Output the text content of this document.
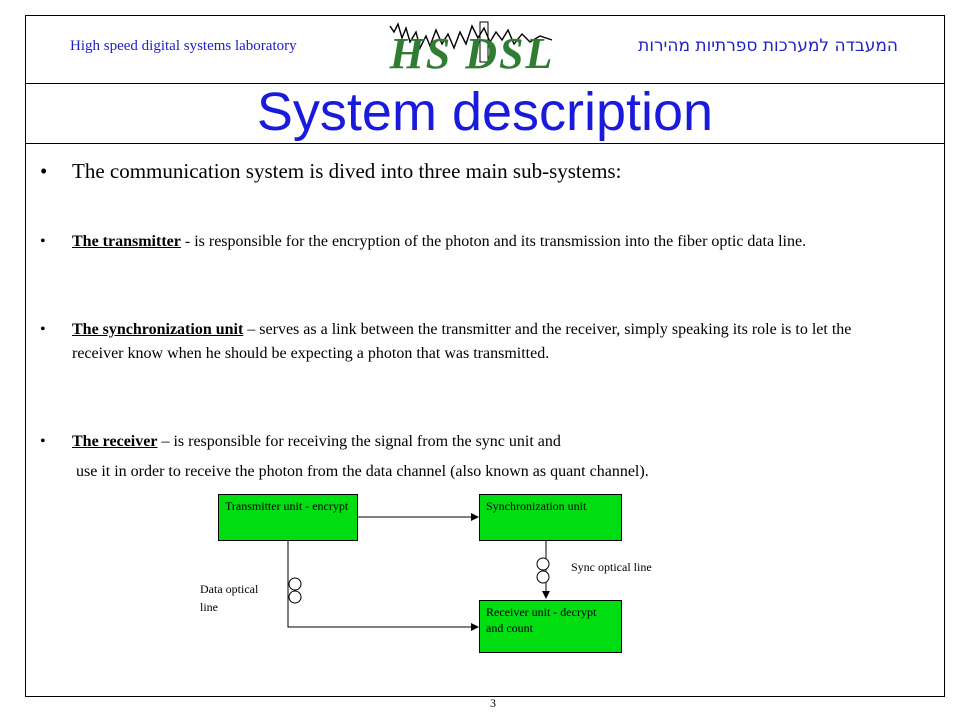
High speed digital systems laboratory	המעבדה למערכות ספרתיות מהירות
HS DSL
System description
• The communication system is dived into three main sub-systems:
• The transmitter - is responsible for the encryption of the photon and its transmission into the fiber optic data line.
• The synchronization unit – serves as a link between the transmitter and the receiver, simply speaking its role is to let the receiver know when he should be expecting a photon that was transmitted.
• The receiver – is responsible for receiving the signal from the sync unit and
use it in order to receive the photon from the data channel (also known as quant channel).
Transmitter unit - encrypt	Synchronization unit
Receiver unit - decrypt and count
Data optical line
Sync optical line
3
